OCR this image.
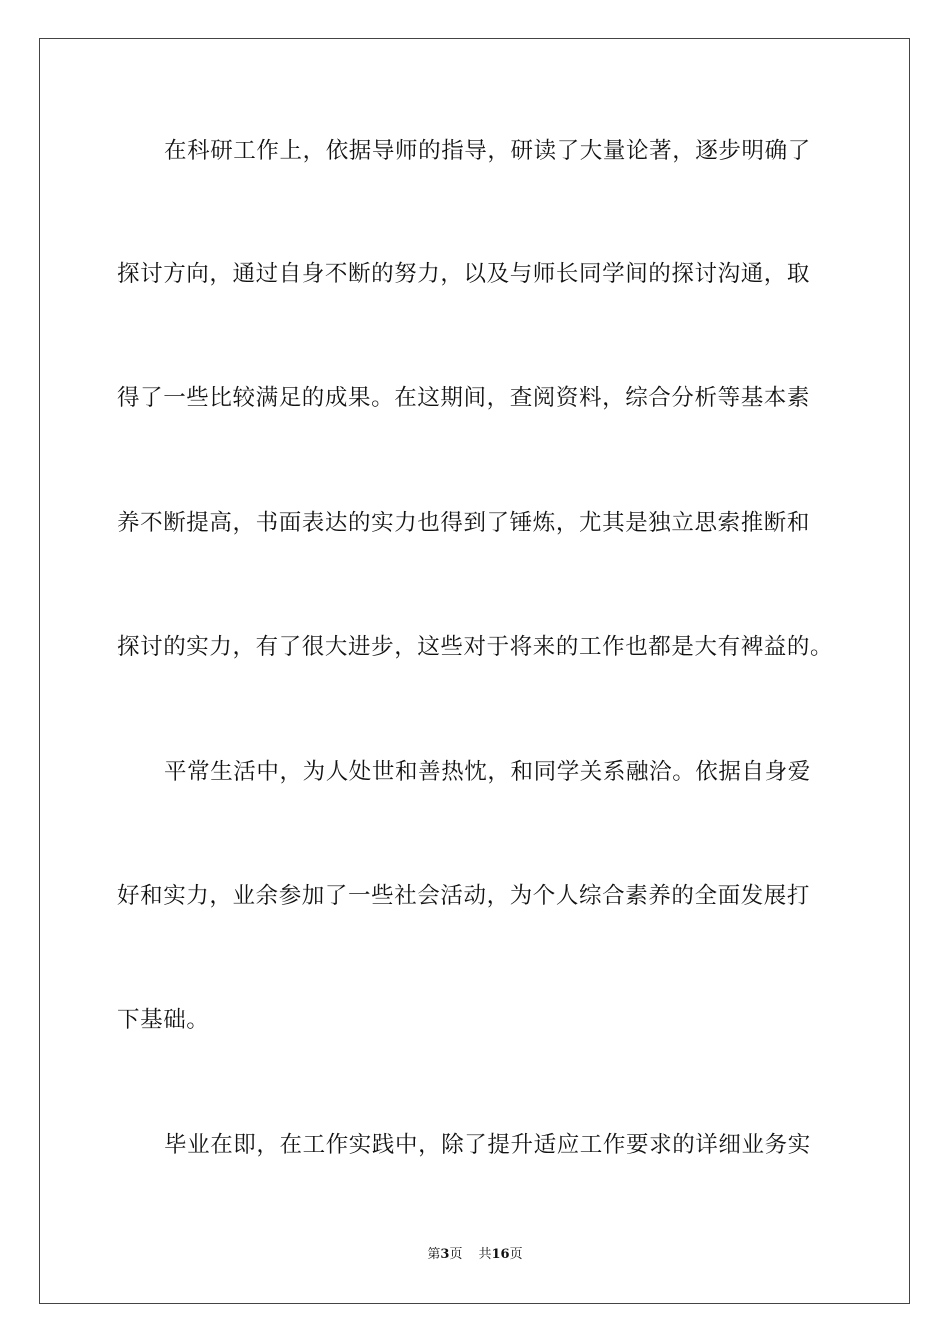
在科研工作上，依据导师的指导，研读了大量论著，逐步明确了
探讨方向，通过自身不断的努力，以及与师长同学间的探讨沟通，取
得了一些比较满足的成果。在这期间，查阅资料，综合分析等基本素
养不断提高，书面表达的实力也得到了锤炼，尤其是独立思索推断和
探讨的实力，有了很大进步，这些对于将来的工作也都是大有裨益的。
平常生活中，为人处世和善热忱，和同学关系融洽。依据自身爱
好和实力，业余参加了一些社会活动，为个人综合素养的全面发展打
下基础。
毕业在即，在工作实践中，除了提升适应工作要求的详细业务实
第3页 共16页
